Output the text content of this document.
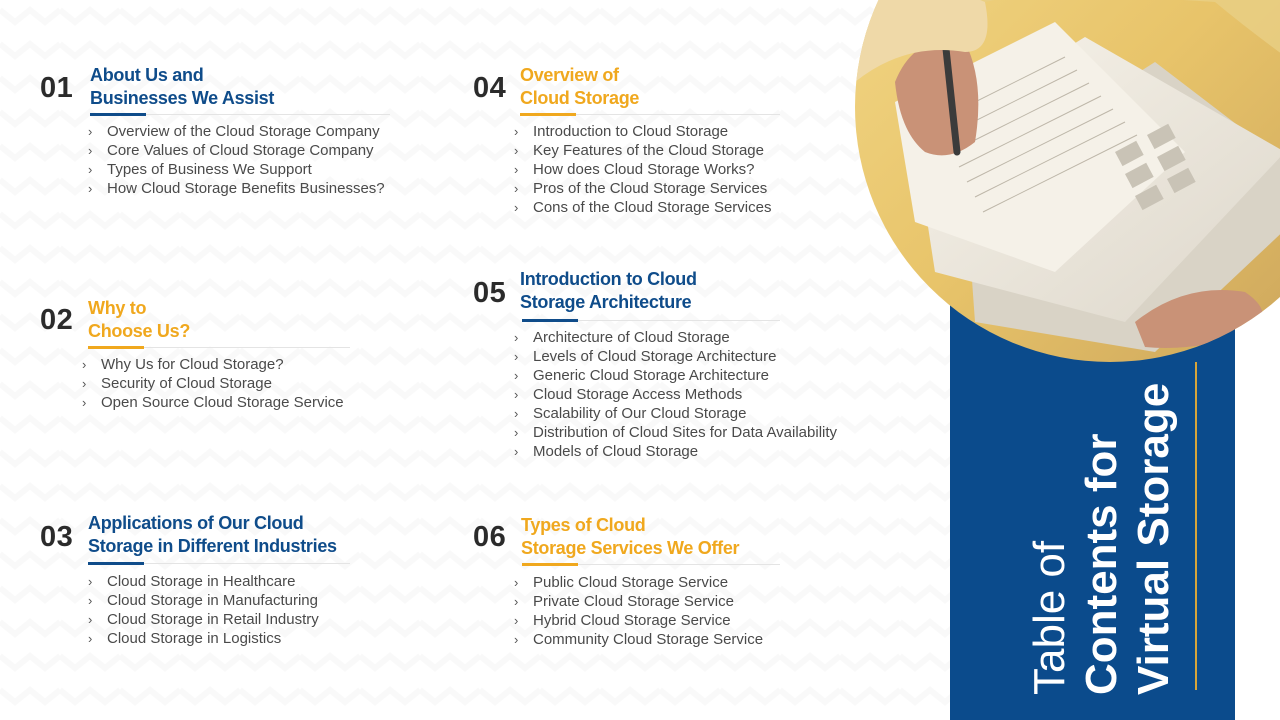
01 About Us and
Businesses We Assist
› Overview of the Cloud Storage Company
› Core Values of Cloud Storage Company
› Types of Business We Support
› How Cloud Storage Benefits Businesses?
02 Why to
Choose Us?
› Why Us for Cloud Storage?
› Security of Cloud Storage
› Open Source Cloud Storage Service
03 Applications of Our Cloud
Storage in Different Industries
› Cloud Storage in Healthcare
› Cloud Storage in Manufacturing
› Cloud Storage in Retail Industry
› Cloud Storage in Logistics
04 Overview of
Cloud Storage
› Introduction to Cloud Storage
› Key Features of the Cloud Storage
› How does Cloud Storage Works?
› Pros of the Cloud Storage Services
› Cons of the Cloud Storage Services
05 Introduction to Cloud
Storage Architecture
› Architecture of Cloud Storage
› Levels of Cloud Storage Architecture
› Generic Cloud Storage Architecture
› Cloud Storage Access Methods
› Scalability of Our Cloud Storage
› Distribution of Cloud Sites for Data Availability
› Models of Cloud Storage
06 Types of Cloud
Storage Services We Offer
› Public Cloud Storage Service
› Private Cloud Storage Service
› Hybrid Cloud Storage Service
› Community Cloud Storage Service	Table of Contents for Virtual Storage
